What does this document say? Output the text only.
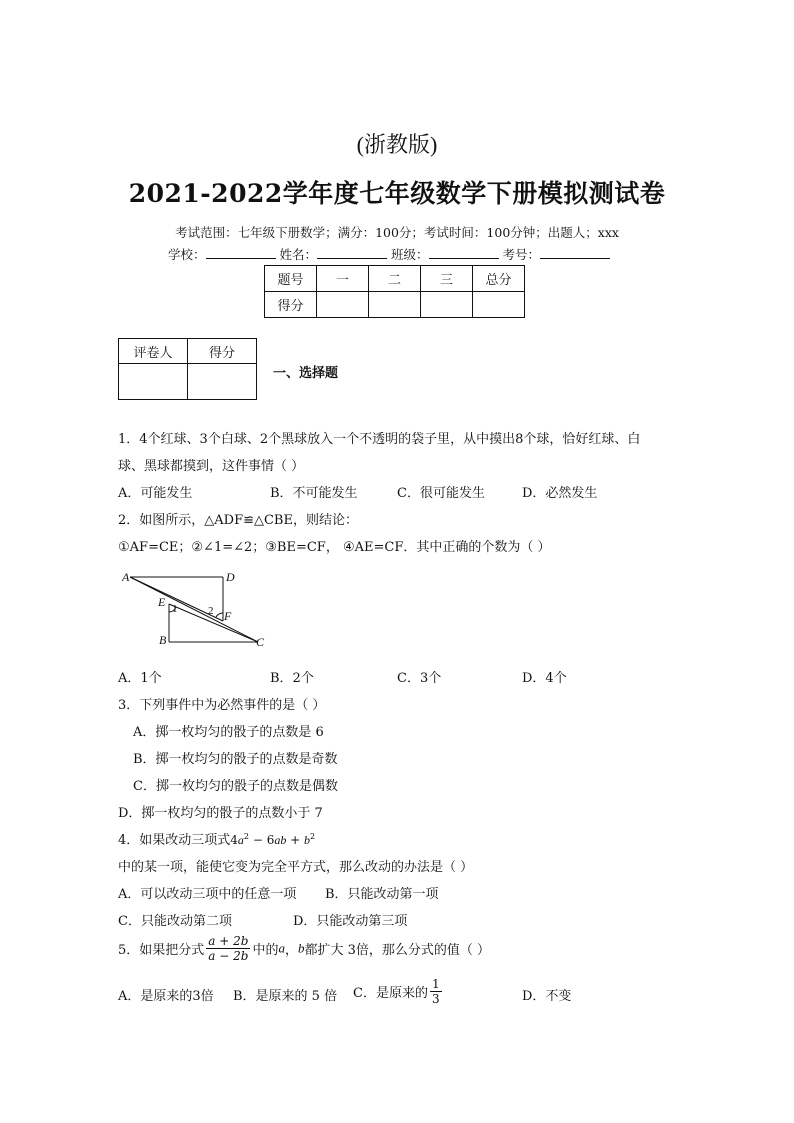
(浙教版)
2021-2022学年度七年级数学下册模拟测试卷
考试范围：七年级下册数学；满分：100分；考试时间：100分钟；出题人；xxx
学校：	姓名：	班级：	考号：
题号	一	二	三	总分
得分				
评卷人	得分

一、选择题
1．4个红球、3个白球、2个黑球放入一个不透明的袋子里，从中摸出8个球，恰好红球、白
球、黑球都摸到，这件事情（ ）
A．可能发生	B．不可能发生	C．很可能发生	D．必然发生
2．如图所示，△ADF≌△CBE，则结论：
①AF=CE；②∠1=∠2；③BE=CF， ④AE=CF．其中正确的个数为（ ）
A	D
E
F
B	C
1	2
A．1个	B．2个	C．3个	D．4个
3．下列事件中为必然事件的是（ ）
A．掷一枚均匀的骰子的点数是 6
B．掷一枚均匀的骰子的点数是奇数
C．掷一枚均匀的骰子的点数是偶数
D．掷一枚均匀的骰子的点数小于 7
4．如果改动三项式$4a^2 - 6ab + b^2$
中的某一项，能使它变为完全平方式，那么改动的办法是（ ）
A．可以改动三项中的任意一项 B．只能改动第一项
C．只能改动第二项	D．只能改动第三项
5．如果把分式 $\frac{a + 2b}{a - 2b}$ 中的a，b都扩大 3倍，那么分式的值（ ）
A．是原来的3倍 B．是原来的 5 倍 C．是原来的 $\frac{1}{3}$	D．不变
